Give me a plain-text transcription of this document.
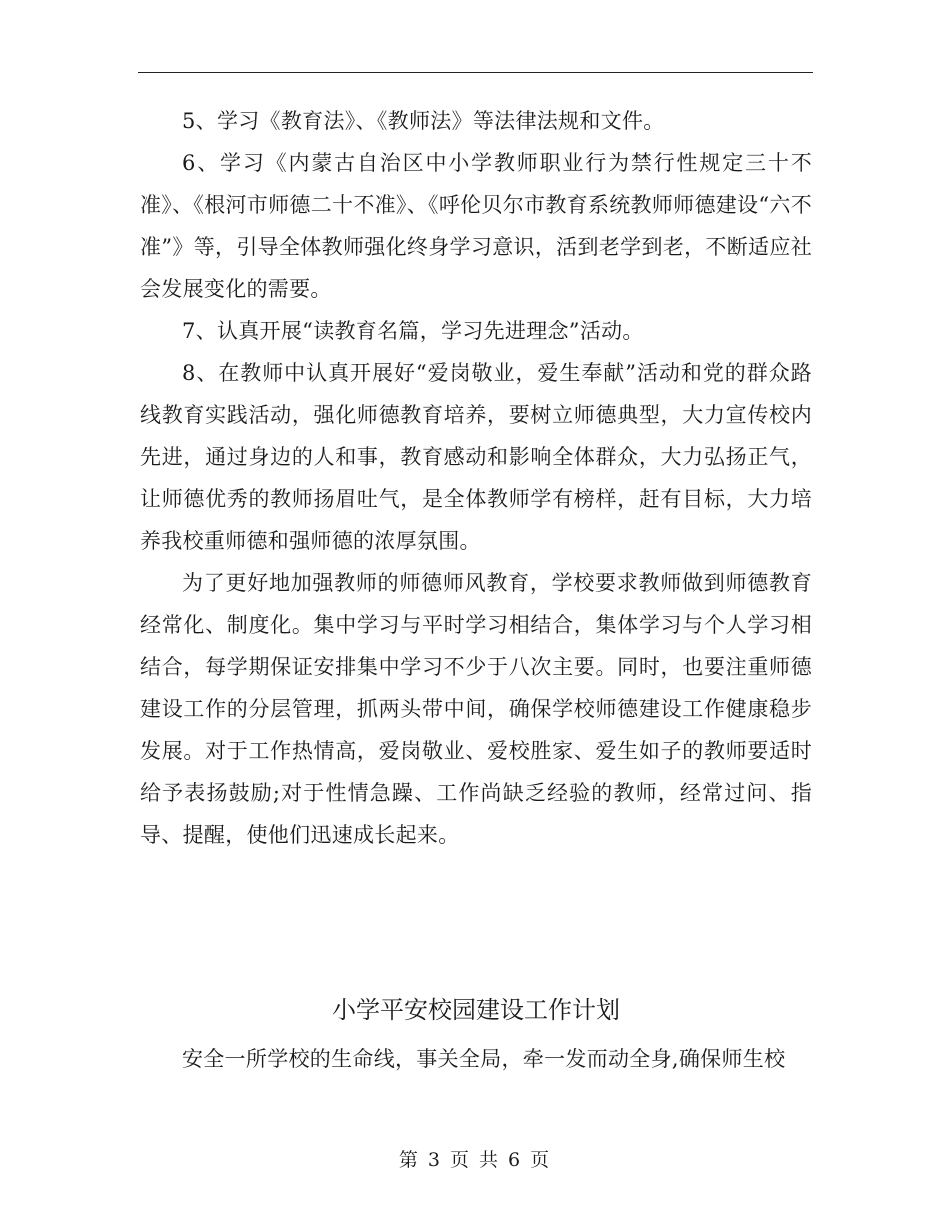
5、学习《教育法》、《教师法》等法律法规和文件。

6、学习《内蒙古自治区中小学教师职业行为禁行性规定三十不准》、《根河市师德二十不准》、《呼伦贝尔市教育系统教师师德建设“六不准”》等，引导全体教师强化终身学习意识，活到老学到老，不断适应社会发展变化的需要。

7、认真开展“读教育名篇，学习先进理念”活动。

8、在教师中认真开展好“爱岗敬业，爱生奉献”活动和党的群众路线教育实践活动，强化师德教育培养，要树立师德典型，大力宣传校内先进，通过身边的人和事，教育感动和影响全体群众，大力弘扬正气，让师德优秀的教师扬眉吐气，是全体教师学有榜样，赶有目标，大力培养我校重师德和强师德的浓厚氛围。

为了更好地加强教师的师德师风教育，学校要求教师做到师德教育经常化、制度化。集中学习与平时学习相结合，集体学习与个人学习相结合，每学期保证安排集中学习不少于八次主要。同时，也要注重师德建设工作的分层管理，抓两头带中间，确保学校师德建设工作健康稳步发展。对于工作热情高，爱岗敬业、爱校胜家、爱生如子的教师要适时给予表扬鼓励;对于性情急躁、工作尚缺乏经验的教师，经常过问、指导、提醒，使他们迅速成长起来。

小学平安校园建设工作计划

安全一所学校的生命线，事关全局，牵一发而动全身,确保师生校

第 3 页 共 6 页
